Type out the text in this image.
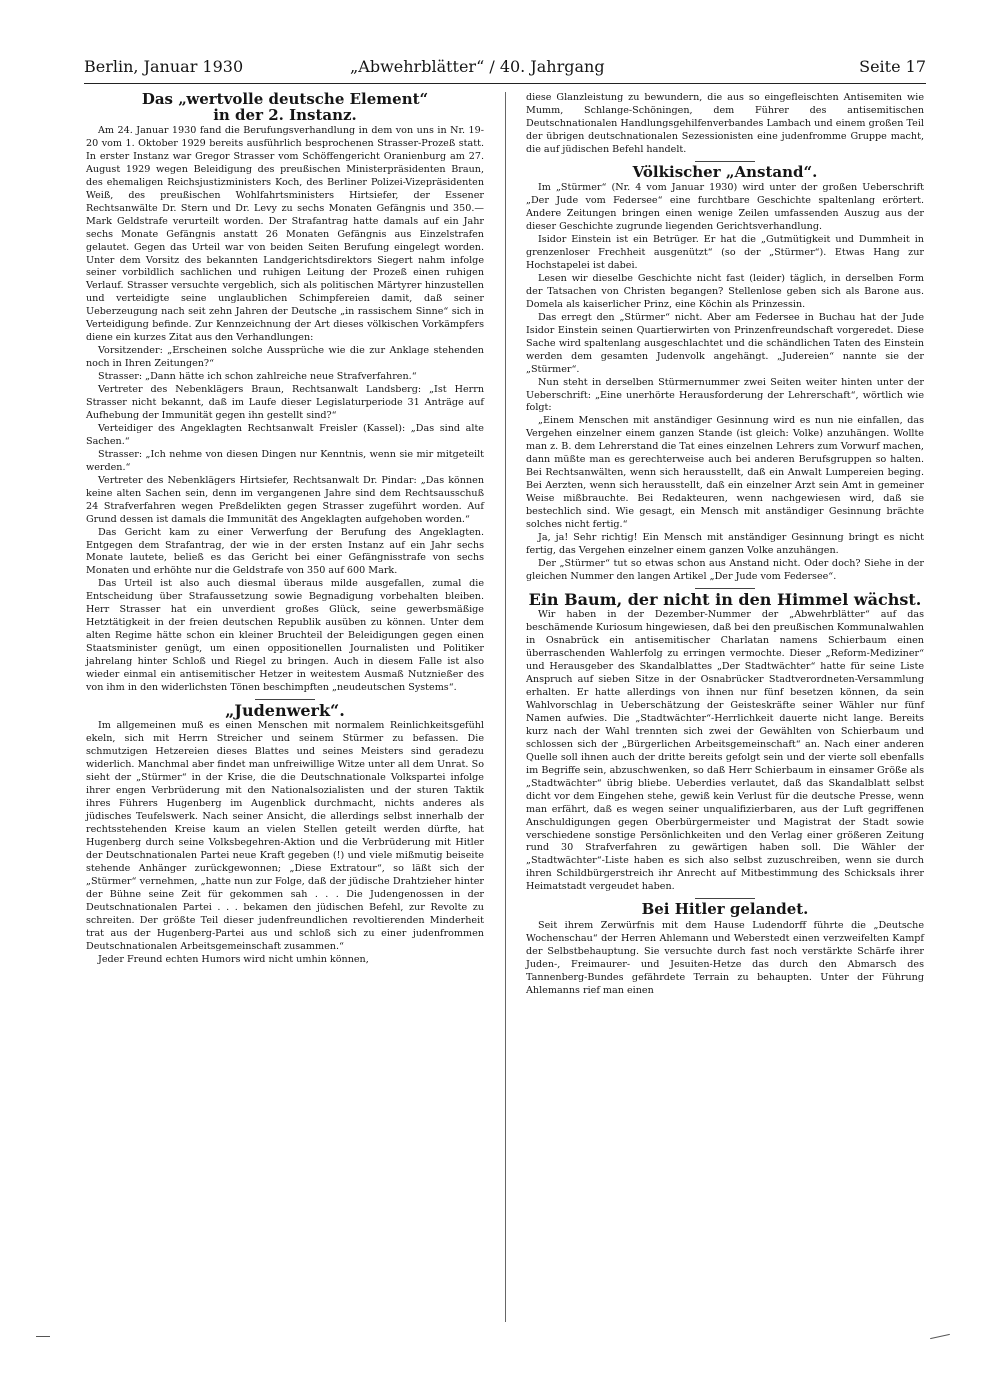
Berlin, Januar 1930	„Abwehrblätter“ / 40. Jahrgang	Seite 17
Das „wertvolle deutsche Element“
in der 2. Instanz.

Am 24. Januar 1930 fand die Berufungsverhandlung in dem von uns in Nr. 19-20 vom 1. Oktober 1929 bereits ausführlich besprochenen Strasser-Prozeß statt. In erster Instanz war Gregor Strasser vom Schöffengericht Oranienburg am 27. August 1929 wegen Beleidigung des preußischen Ministerpräsidenten Braun, des ehemaligen Reichsjustizministers Koch, des Berliner Polizei-Vizepräsidenten Weiß, des preußischen Wohlfahrtsministers Hirtsiefer, der Essener Rechtsanwälte Dr. Stern und Dr. Levy zu sechs Monaten Gefängnis und 350.— Mark Geldstrafe verurteilt worden. Der Strafantrag hatte damals auf ein Jahr sechs Monate Gefängnis anstatt 26 Monaten Gefängnis aus Einzelstrafen gelautet. Gegen das Urteil war von beiden Seiten Berufung eingelegt worden. Unter dem Vorsitz des bekannten Landgerichtsdirektors Siegert nahm infolge seiner vorbildlich sachlichen und ruhigen Leitung der Prozeß einen ruhigen Verlauf. Strasser versuchte vergeblich, sich als politischen Märtyrer hinzustellen und verteidigte seine unglaublichen Schimpfereien damit, daß seiner Ueberzeugung nach seit zehn Jahren der Deutsche „in rassischem Sinne“ sich in Verteidigung befinde. Zur Kennzeichnung der Art dieses völkischen Vorkämpfers diene ein kurzes Zitat aus den Verhandlungen:

Vorsitzender: „Erscheinen solche Aussprüche wie die zur Anklage stehenden noch in Ihren Zeitungen?“

Strasser: „Dann hätte ich schon zahlreiche neue Strafverfahren.“

Vertreter des Nebenklägers Braun, Rechtsanwalt Landsberg: „Ist Herrn Strasser nicht bekannt, daß im Laufe dieser Legislaturperiode 31 Anträge auf Aufhebung der Immunität gegen ihn gestellt sind?“

Verteidiger des Angeklagten Rechtsanwalt Freisler (Kassel): „Das sind alte Sachen.“

Strasser: „Ich nehme von diesen Dingen nur Kenntnis, wenn sie mir mitgeteilt werden.“

Vertreter des Nebenklägers Hirtsiefer, Rechtsanwalt Dr. Pindar: „Das können keine alten Sachen sein, denn im vergangenen Jahre sind dem Rechtsausschuß 24 Strafverfahren wegen Preßdelikten gegen Strasser zugeführt worden. Auf Grund dessen ist damals die Immunität des Angeklagten aufgehoben worden.“

Das Gericht kam zu einer Verwerfung der Berufung des Angeklagten. Entgegen dem Strafantrag, der wie in der ersten Instanz auf ein Jahr sechs Monate lautete, beließ es das Gericht bei einer Gefängnisstrafe von sechs Monaten und erhöhte nur die Geldstrafe von 350 auf 600 Mark.

Das Urteil ist also auch diesmal überaus milde ausgefallen, zumal die Entscheidung über Strafaussetzung sowie Begnadigung vorbehalten bleiben. Herr Strasser hat ein unverdient großes Glück, seine gewerbsmäßige Hetztätigkeit in der freien deutschen Republik ausüben zu können. Unter dem alten Regime hätte schon ein kleiner Bruchteil der Beleidigungen gegen einen Staatsminister genügt, um einen oppositionellen Journalisten und Politiker jahrelang hinter Schloß und Riegel zu bringen. Auch in diesem Falle ist also wieder einmal ein antisemitischer Hetzer in weitestem Ausmaß Nutznießer des von ihm in den widerlichsten Tönen beschimpften „neudeutschen Systems“.

„Judenwerk“.

Im allgemeinen muß es einen Menschen mit normalem Reinlichkeitsgefühl ekeln, sich mit Herrn Streicher und seinem Stürmer zu befassen. Die schmutzigen Hetzereien dieses Blattes und seines Meisters sind geradezu widerlich. Manchmal aber findet man unfreiwillige Witze unter all dem Unrat. So sieht der „Stürmer“ in der Krise, die die Deutschnationale Volkspartei infolge ihrer engen Verbrüderung mit den Nationalsozialisten und der sturen Taktik ihres Führers Hugenberg im Augenblick durchmacht, nichts anderes als jüdisches Teufelswerk. Nach seiner Ansicht, die allerdings selbst innerhalb der rechtsstehenden Kreise kaum an vielen Stellen geteilt werden dürfte, hat Hugenberg durch seine Volksbegehren-Aktion und die Verbrüderung mit Hitler der Deutschnationalen Partei neue Kraft gegeben (!) und viele mißmutig beiseite stehende Anhänger zurückgewonnen; „Diese Extratour“, so läßt sich der „Stürmer“ vernehmen, „hatte nun zur Folge, daß der jüdische Drahtzieher hinter der Bühne seine Zeit für gekommen sah . . . Die Judengenossen in der Deutschnationalen Partei . . . bekamen den jüdischen Befehl, zur Revolte zu schreiten. Der größte Teil dieser judenfreundlichen revoltierenden Minderheit trat aus der Hugenberg-Partei aus und schloß sich zu einer judenfrommen Deutschnationalen Arbeitsgemeinschaft zusammen.“

Jeder Freund echten Humors wird nicht umhin können,

diese Glanzleistung zu bewundern, die aus so eingefleischten Antisemiten wie Mumm, Schlange-Schöningen, dem Führer des antisemitischen Deutschnationalen Handlungsgehilfenverbandes Lambach und einem großen Teil der übrigen deutschnationalen Sezessionisten eine judenfromme Gruppe macht, die auf jüdischen Befehl handelt.

Völkischer „Anstand“.

Im „Stürmer“ (Nr. 4 vom Januar 1930) wird unter der großen Ueberschrift „Der Jude vom Federsee“ eine furchtbare Geschichte spaltenlang erörtert. Andere Zeitungen bringen einen wenige Zeilen umfassenden Auszug aus der dieser Geschichte zugrunde liegenden Gerichtsverhandlung.

Isidor Einstein ist ein Betrüger. Er hat die „Gutmütigkeit und Dummheit in grenzenloser Frechheit ausgenützt“ (so der „Stürmer“). Etwas Hang zur Hochstapelei ist dabei.

Lesen wir dieselbe Geschichte nicht fast (leider) täglich, in derselben Form der Tatsachen von Christen begangen? Stellenlose geben sich als Barone aus. Domela als kaiserlicher Prinz, eine Köchin als Prinzessin.

Das erregt den „Stürmer“ nicht. Aber am Federsee in Buchau hat der Jude Isidor Einstein seinen Quartierwirten von Prinzenfreundschaft vorgeredet. Diese Sache wird spaltenlang ausgeschlachtet und die schändlichen Taten des Einstein werden dem gesamten Judenvolk angehängt. „Judereien“ nannte sie der „Stürmer“.

Nun steht in derselben Stürmernummer zwei Seiten weiter hinten unter der Ueberschrift: „Eine unerhörte Herausforderung der Lehrerschaft“, wörtlich wie folgt:

„Einem Menschen mit anständiger Gesinnung wird es nun nie einfallen, das Vergehen einzelner einem ganzen Stande (ist gleich: Volke) anzuhängen. Wollte man z. B. dem Lehrerstand die Tat eines einzelnen Lehrers zum Vorwurf machen, dann müßte man es gerechterweise auch bei anderen Berufsgruppen so halten. Bei Rechtsanwälten, wenn sich herausstellt, daß ein Anwalt Lumpereien beging. Bei Aerzten, wenn sich herausstellt, daß ein einzelner Arzt sein Amt in gemeiner Weise mißbrauchte. Bei Redakteuren, wenn nachgewiesen wird, daß sie bestechlich sind. Wie gesagt, ein Mensch mit anständiger Gesinnung brächte solches nicht fertig.“

Ja, ja! Sehr richtig! Ein Mensch mit anständiger Gesinnung bringt es nicht fertig, das Vergehen einzelner einem ganzen Volke anzuhängen.

Der „Stürmer“ tut so etwas schon aus Anstand nicht. Oder doch? Siehe in der gleichen Nummer den langen Artikel „Der Jude vom Federsee“.

Ein Baum, der nicht in den Himmel wächst.

Wir haben in der Dezember-Nummer der „Abwehrblätter“ auf das beschämende Kuriosum hingewiesen, daß bei den preußischen Kommunalwahlen in Osnabrück ein antisemitischer Charlatan namens Schierbaum einen überraschenden Wahlerfolg zu erringen vermochte. Dieser „Reform-Mediziner“ und Herausgeber des Skandalblattes „Der Stadtwächter“ hatte für seine Liste Anspruch auf sieben Sitze in der Osnabrücker Stadtverordneten-Versammlung erhalten. Er hatte allerdings von ihnen nur fünf besetzen können, da sein Wahlvorschlag in Ueberschätzung der Geisteskräfte seiner Wähler nur fünf Namen aufwies. Die „Stadtwächter“-Herrlichkeit dauerte nicht lange. Bereits kurz nach der Wahl trennten sich zwei der Gewählten von Schierbaum und schlossen sich der „Bürgerlichen Arbeitsgemeinschaft“ an. Nach einer anderen Quelle soll ihnen auch der dritte bereits gefolgt sein und der vierte soll ebenfalls im Begriffe sein, abzuschwenken, so daß Herr Schierbaum in einsamer Größe als „Stadtwächter“ übrig bliebe. Ueberdies verlautet, daß das Skandalblatt selbst dicht vor dem Eingehen stehe, gewiß kein Verlust für die deutsche Presse, wenn man erfährt, daß es wegen seiner unqualifizierbaren, aus der Luft gegriffenen Anschuldigungen gegen Oberbürgermeister und Magistrat der Stadt sowie verschiedene sonstige Persönlichkeiten und den Verlag einer größeren Zeitung rund 30 Strafverfahren zu gewärtigen haben soll. Die Wähler der „Stadtwächter“-Liste haben es sich also selbst zuzuschreiben, wenn sie durch ihren Schildbürgerstreich ihr Anrecht auf Mitbestimmung des Schicksals ihrer Heimatstadt vergeudet haben.

Bei Hitler gelandet.

Seit ihrem Zerwürfnis mit dem Hause Ludendorff führte die „Deutsche Wochenschau“ der Herren Ahlemann und Weberstedt einen verzweifelten Kampf der Selbstbehauptung. Sie versuchte durch fast noch verstärkte Schärfe ihrer Juden-, Freimaurer- und Jesuiten-Hetze das durch den Abmarsch des Tannenberg-Bundes gefährdete Terrain zu behaupten. Unter der Führung Ahlemanns rief man einen
